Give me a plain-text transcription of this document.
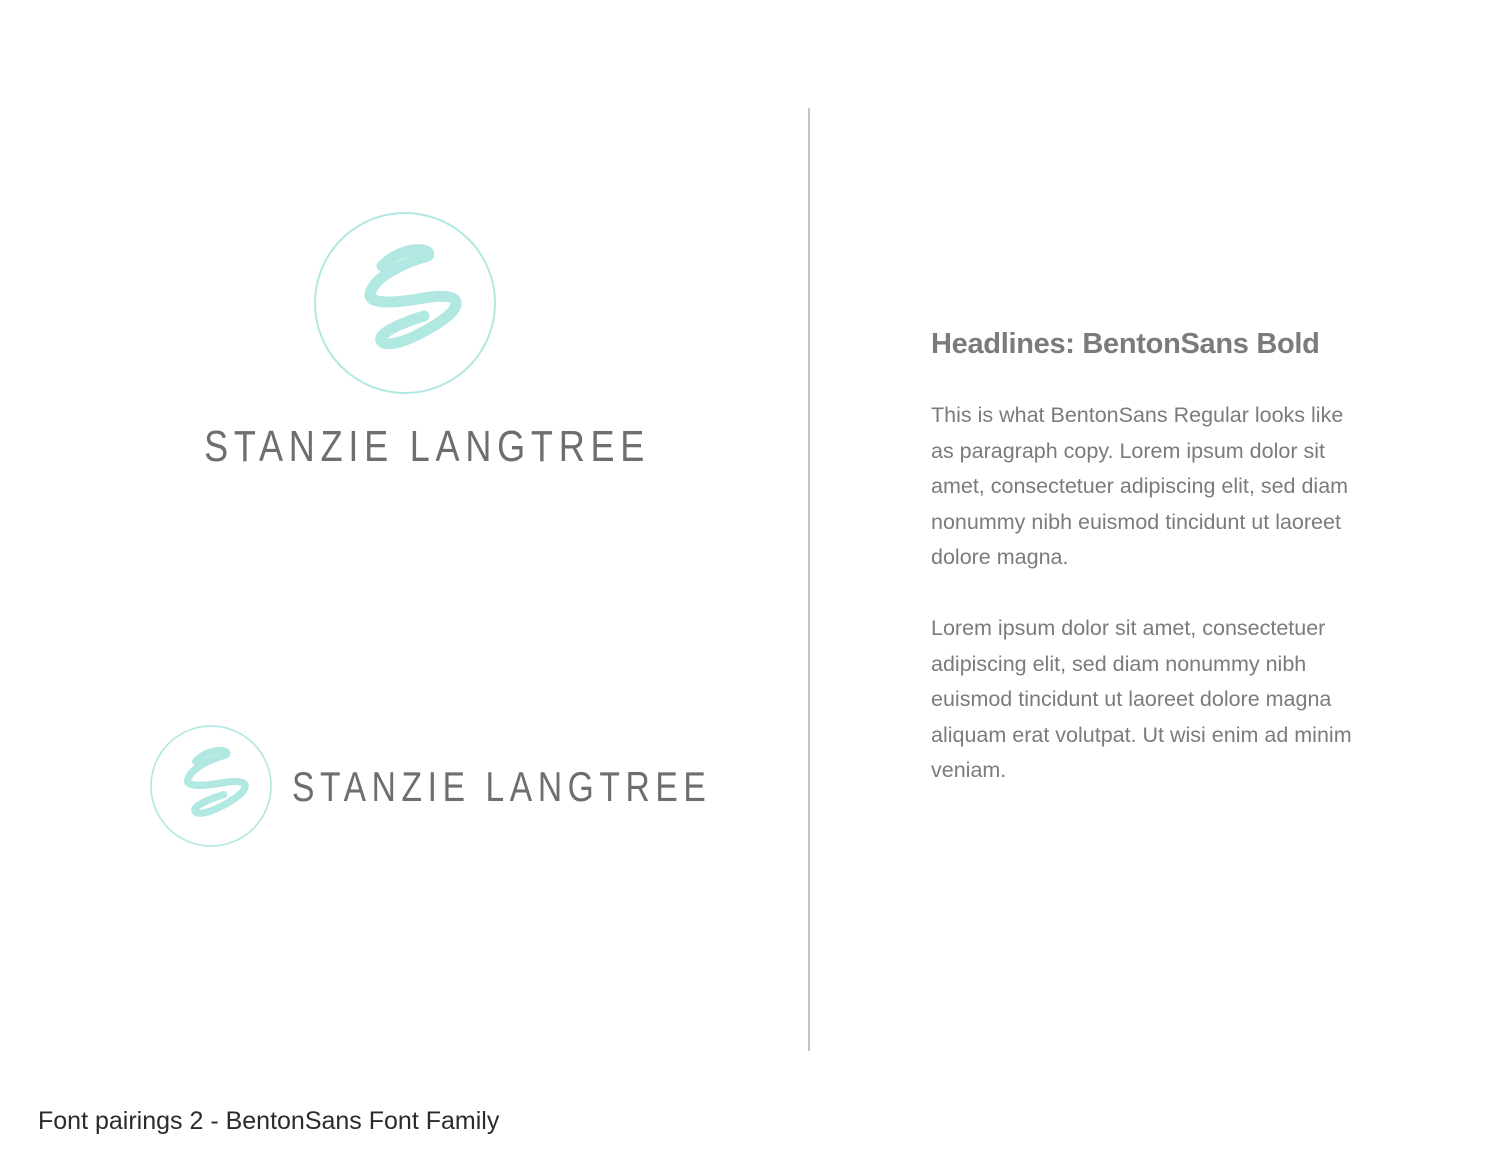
STANZIE LANGTREE
STANZIE LANGTREE
Headlines: BentonSans Bold

This is what BentonSans Regular looks like as paragraph copy. Lorem ipsum dolor sit amet, consectetuer adipiscing elit, sed diam nonummy nibh euismod tincidunt ut laoreet dolore magna.

Lorem ipsum dolor sit amet, consectetuer adipiscing elit, sed diam nonummy nibh euismod tincidunt ut laoreet dolore magna aliquam erat volutpat. Ut wisi enim ad minim veniam.

Font pairings 2 - BentonSans Font Family
